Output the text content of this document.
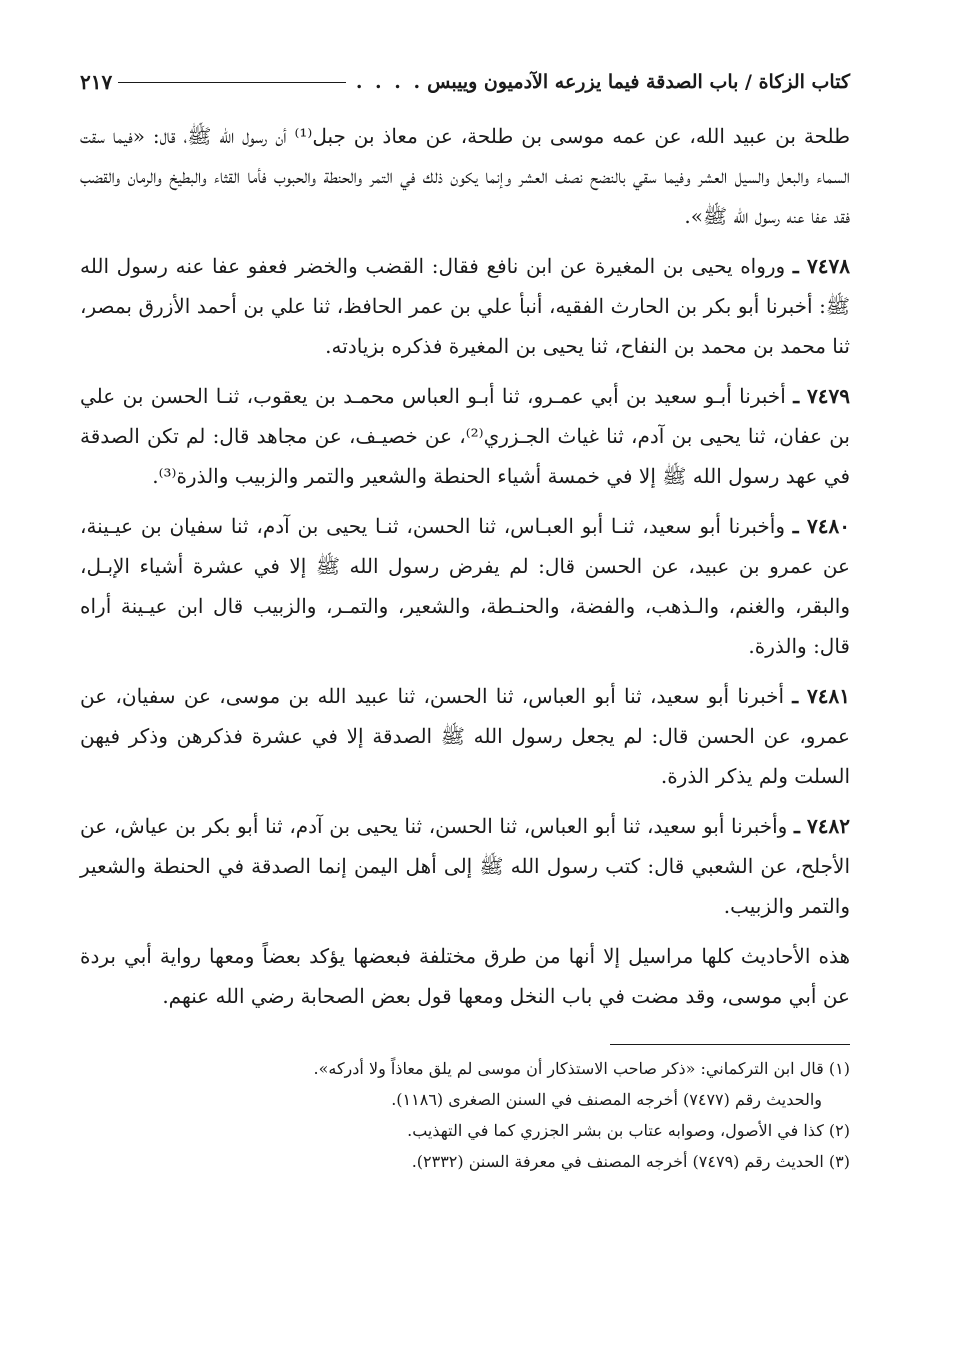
كتاب الزكاة / باب الصدقة فيما يزرعه الآدميون وييبس
. . . .
٢١٧

طلحة بن عبيد الله، عن عمه موسى بن طلحة، عن معاذ بن جبل⁽¹⁾ أن رسول الله ﷺ، قال: «فيما سقت السماء والبعل والسيل العشر وفيما سقي بالنضح نصف العشر وإنما يكون ذلك في التمر والحنطة والحبوب فأما القثاء والبطيخ والرمان والقضب فقد عفا عنه رسول الله ﷺ».

٧٤٧٨ ـ ورواه يحيى بن المغيرة عن ابن نافع فقال: القضب والخضر فعفو عفا عنه رسول الله ﷺ: أخبرنا أبو بكر بن الحارث الفقيه، أنبأ علي بن عمر الحافظ، ثنا علي بن أحمد الأزرق بمصر، ثنا محمد بن محمد بن النفاح، ثنا يحيى بن المغيرة فذكره بزيادته.

٧٤٧٩ ـ أخبرنا أبـو سعيد بن أبي عمـرو، ثنا أبـو العباس محمـد بن يعقوب، ثنـا الحسن بن علي بن عفان، ثنا يحيى بن آدم، ثنا غياث الجـزري⁽²⁾، عن خصيـف، عن مجاهد قال: لم تكن الصدقة في عهد رسول الله ﷺ إلا في خمسة أشياء الحنطة والشعير والتمر والزبيب والذرة⁽³⁾.

٧٤٨٠ ـ وأخبرنا أبو سعيد، ثنـا أبو العبـاس، ثنا الحسن، ثنـا يحيى بن آدم، ثنا سفيان بن عيـينة، عن عمرو بن عبيد، عن الحسن قال: لم يفرض رسول الله ﷺ إلا في عشرة أشياء الإبـل، والبقر، والغنم، والـذهب، والفضة، والحنـطة، والشعير، والتمـر، والزبيب قال ابن عيـينة أراه قال: والذرة.

٧٤٨١ ـ أخبرنا أبو سعيد، ثنا أبو العباس، ثنا الحسن، ثنا عبيد الله بن موسى، عن سفيان، عن عمرو، عن الحسن قال: لم يجعل رسول الله ﷺ الصدقة إلا في عشرة فذكرهن وذكر فيهن السلت ولم يذكر الذرة.

٧٤٨٢ ـ وأخبرنا أبو سعيد، ثنا أبو العباس، ثنا الحسن، ثنا يحيى بن آدم، ثنا أبو بكر بن عياش، عن الأجلح، عن الشعبي قال: كتب رسول الله ﷺ إلى أهل اليمن إنما الصدقة في الحنطة والشعير والتمر والزبيب.

هذه الأحاديث كلها مراسيل إلا أنها من طرق مختلفة فبعضها يؤكد بعضاً ومعها رواية أبي بردة عن أبي موسى، وقد مضت في باب النخل ومعها قول بعض الصحابة رضي الله عنهم.

(١) قال ابن التركماني: «ذكر صاحب الاستذكار أن موسى لم يلق معاذاً ولا أدركه».

والحديث رقم (٧٤٧٧) أخرجه المصنف في السنن الصغرى (١١٨٦).

(٢) كذا في الأصول، وصوابه عتاب بن بشر الجزري كما في التهذيب.

(٣) الحديث رقم (٧٤٧٩) أخرجه المصنف في معرفة السنن (٢٣٣٢).
